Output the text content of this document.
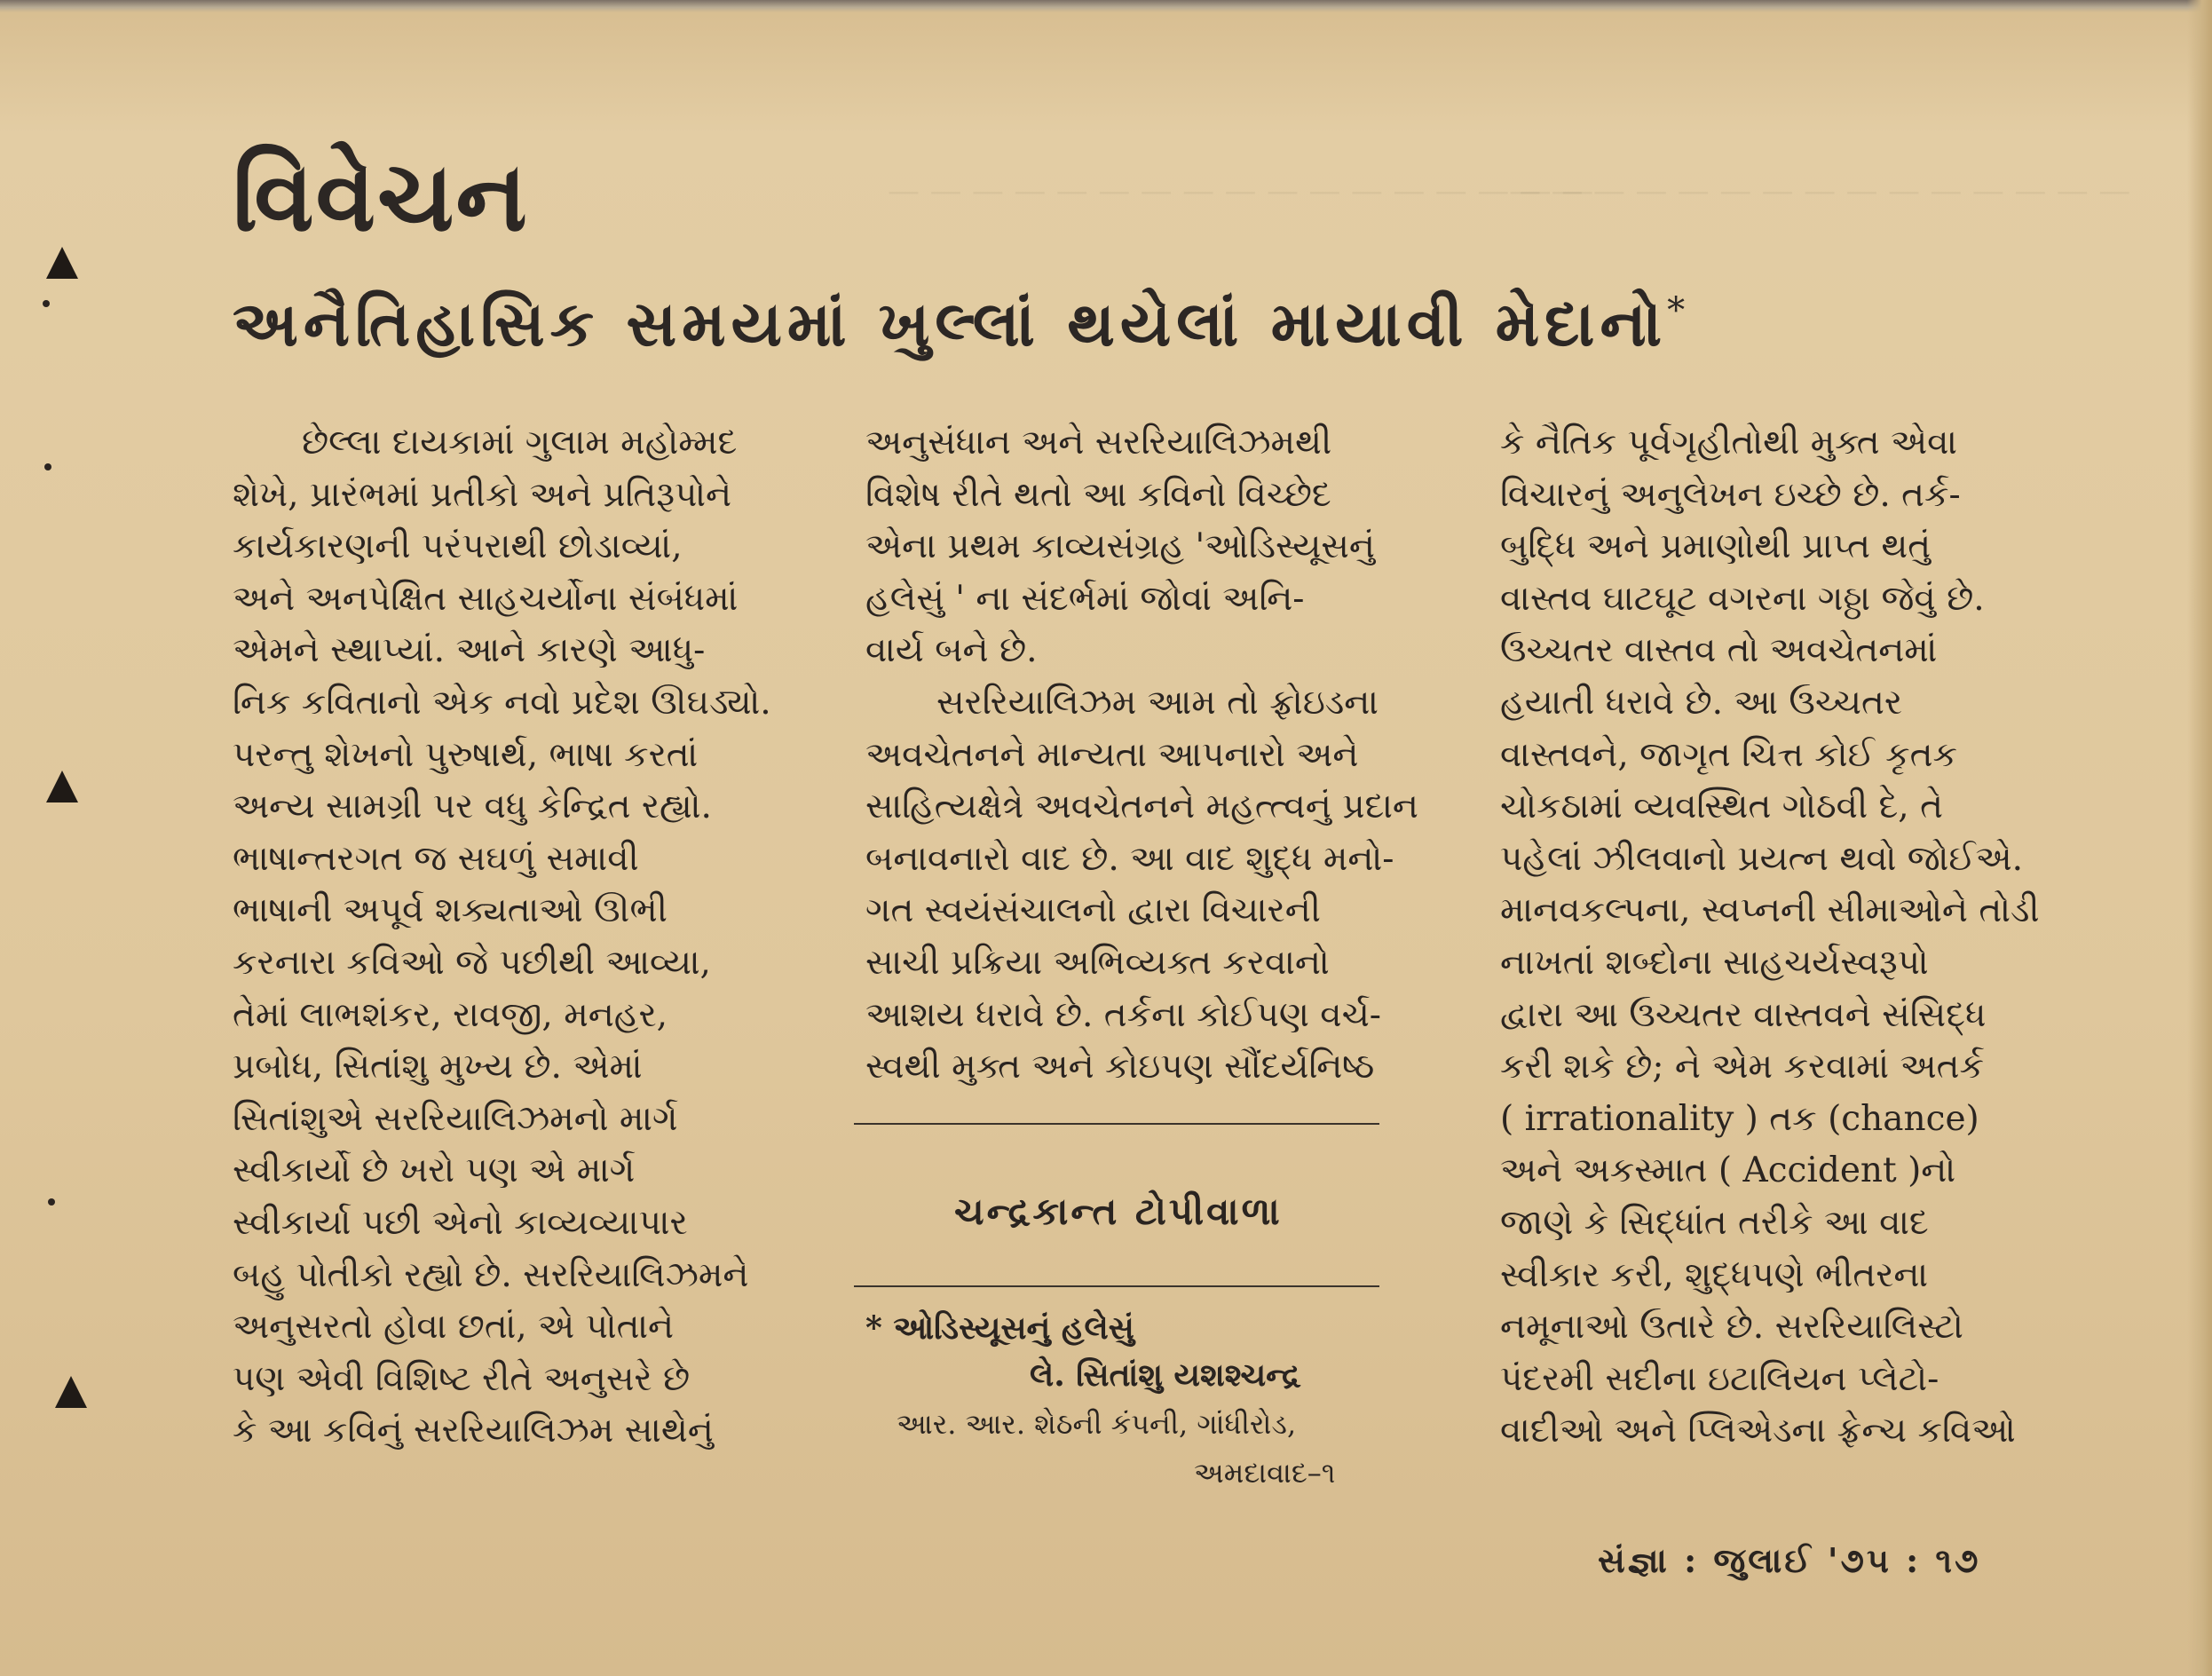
— — — — — — — — — — — — — — — — —
— — — — — — — — — — — — — — —
વિવેચન
અનૈતિહાસિક સમયમાં ખુલ્લાં થયેલાં માયાવી મેદાનો*
છેલ્લા દાયકામાં ગુલામ મહોમ્મદ
શેખે, પ્રારંભમાં પ્રતીકો અને પ્રતિરૂપોને
કાર્યકારણની પરંપરાથી છોડાવ્યાં,
અને અનપેક્ષિત સાહચર્યોના સંબંધમાં
એમને સ્થાપ્યાં. આને કારણે આધુ-
નિક કવિતાનો એક નવો પ્રદેશ ઊઘડ્યો.
પરન્તુ શેખનો પુરુષાર્થ, ભાષા કરતાં
અન્ય સામગ્રી પર વધુ કેન્દ્રિત રહ્યો.
ભાષાન્તરગત જ સઘળું સમાવી
ભાષાની અપૂર્વ શક્યતાઓ ઊભી
કરનારા કવિઓ જે પછીથી આવ્યા,
તેમાં લાભશંકર, રાવજી, મનહર,
પ્રબોધ, સિતાંશુ મુખ્ય છે. એમાં
સિતાંશુએ સરરિયાલિઝમનો માર્ગ
સ્વીકાર્યો છે ખરો પણ એ માર્ગ
સ્વીકાર્યા પછી એનો કાવ્યવ્યાપાર
બહુ પોતીકો રહ્યો છે. સરરિયાલિઝમને
અનુસરતો હોવા છતાં, એ પોતાને
પણ એવી વિશિષ્ટ રીતે અનુસરે છે
કે આ કવિનું સરરિયાલિઝમ સાથેનું
અનુસંધાન અને સરરિયાલિઝમથી
વિશેષ રીતે થતો આ કવિનો વિચ્છેદ
એના પ્રથમ કાવ્યસંગ્રહ 'ઓડિસ્યૂસનું
હલેસું ' ના સંદર્ભમાં જોવાં અનિ-
વાર્ય બને છે.
સરરિયાલિઝમ આમ તો ફ્રોઇડના
અવચેતનને માન્યતા આપનારો અને
સાહિત્યક્ષેત્રે અવચેતનને મહત્ત્વનું પ્રદાન
બનાવનારો વાદ છે. આ વાદ શુદ્ધ મનો-
ગત સ્વયંસંચાલનો દ્વારા વિચારની
સાચી પ્રક્રિયા અભિવ્યક્ત કરવાનો
આશય ધરાવે છે. તર્કના કોઈપણ વર્ચ-
સ્વથી મુક્ત અને કોઇપણ સૌંદર્યનિષ્ઠ
ચન્દ્રકાન્ત ટોપીવાળા
* ઓડિસ્યૂસનું હલેસું
લે. સિતાંશુ યશશ્ચન્દ્ર
આર. આર. શેઠની કંપની, ગાંધીરોડ,
અમદાવાદ–૧
કે નૈતિક પૂર્વગૃહીતોથી મુક્ત એવા
વિચારનું અનુલેખન ઇચ્છે છે. તર્ક-
બુદ્ધિ અને પ્રમાણોથી પ્રાપ્ત થતું
વાસ્તવ ઘાટઘૂટ વગરના ગઠ્ઠા જેવું છે.
ઉચ્ચતર વાસ્તવ તો અવચેતનમાં
હયાતી ધરાવે છે. આ ઉચ્ચતર
વાસ્તવને, જાગૃત ચિત્ત કોઈ કૃતક
ચોકઠામાં વ્યવસ્થિત ગોઠવી દે, તે
પહેલાં ઝીલવાનો પ્રયત્ન થવો જોઈએ.
માનવકલ્પના, સ્વપ્નની સીમાઓને તોડી
નાખતાં શબ્દોના સાહચર્યસ્વરૂપો
દ્વારા આ ઉચ્ચતર વાસ્તવને સંસિદ્ધ
કરી શકે છે; ને એમ કરવામાં અતર્ક
( irrationality ) તક (chance)
અને અકસ્માત ( Accident )નો
જાણે કે સિદ્ધાંત તરીકે આ વાદ
સ્વીકાર કરી, શુદ્ધપણે ભીતરના
નમૂનાઓ ઉતારે છે. સરરિયાલિસ્ટો
પંદરમી સદીના ઇટાલિયન પ્લેટો-
વાદીઓ અને પ્લિએડના ફ્રેન્ચ કવિઓ
સંજ્ઞા : જુલાઈ '૭૫ : ૧૭
